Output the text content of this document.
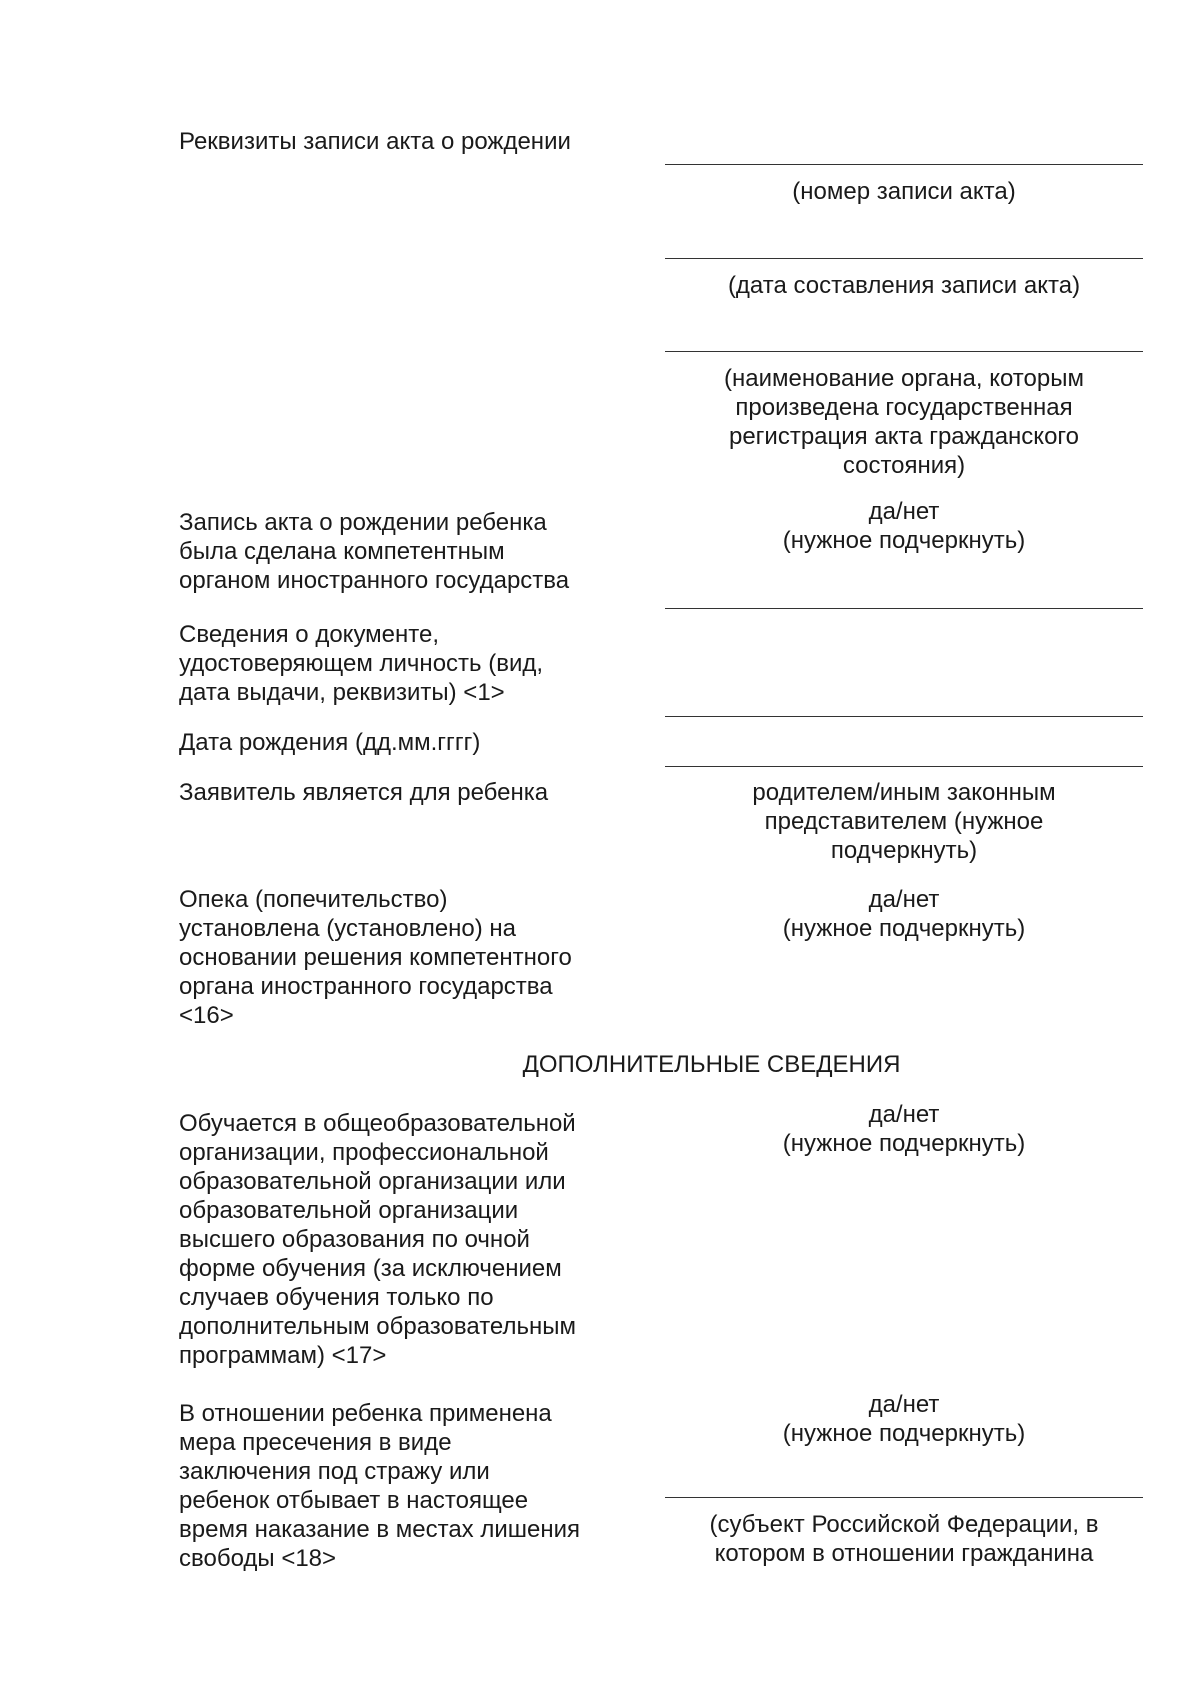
Реквизиты записи акта о рождении

(номер записи акта)

(дата составления записи акта)

(наименование органа, которым
произведена государственная
регистрация акта гражданского
состояния)

Запись акта о рождении ребенка
была сделана компетентным
органом иностранного государства

да/нет
(нужное подчеркнуть)

Сведения о документе,
удостоверяющем личность (вид,
дата выдачи, реквизиты) <1>

Дата рождения (дд.мм.гггг)

Заявитель является для ребенка	родителем/иным законным
представителем (нужное
подчеркнуть)

Опека (попечительство)
установлена (установлено) на
основании решения компетентного
органа иностранного государства
<16>

да/нет
(нужное подчеркнуть)

ДОПОЛНИТЕЛЬНЫЕ СВЕДЕНИЯ

Обучается в общеобразовательной
организации, профессиональной
образовательной организации или
образовательной организации
высшего образования по очной
форме обучения (за исключением
случаев обучения только по
дополнительным образовательным
программам) <17>

да/нет
(нужное подчеркнуть)

В отношении ребенка применена
мера пресечения в виде
заключения под стражу или
ребенок отбывает в настоящее
время наказание в местах лишения
свободы <18>

да/нет
(нужное подчеркнуть)

(субъект Российской Федерации, в
котором в отношении гражданина
